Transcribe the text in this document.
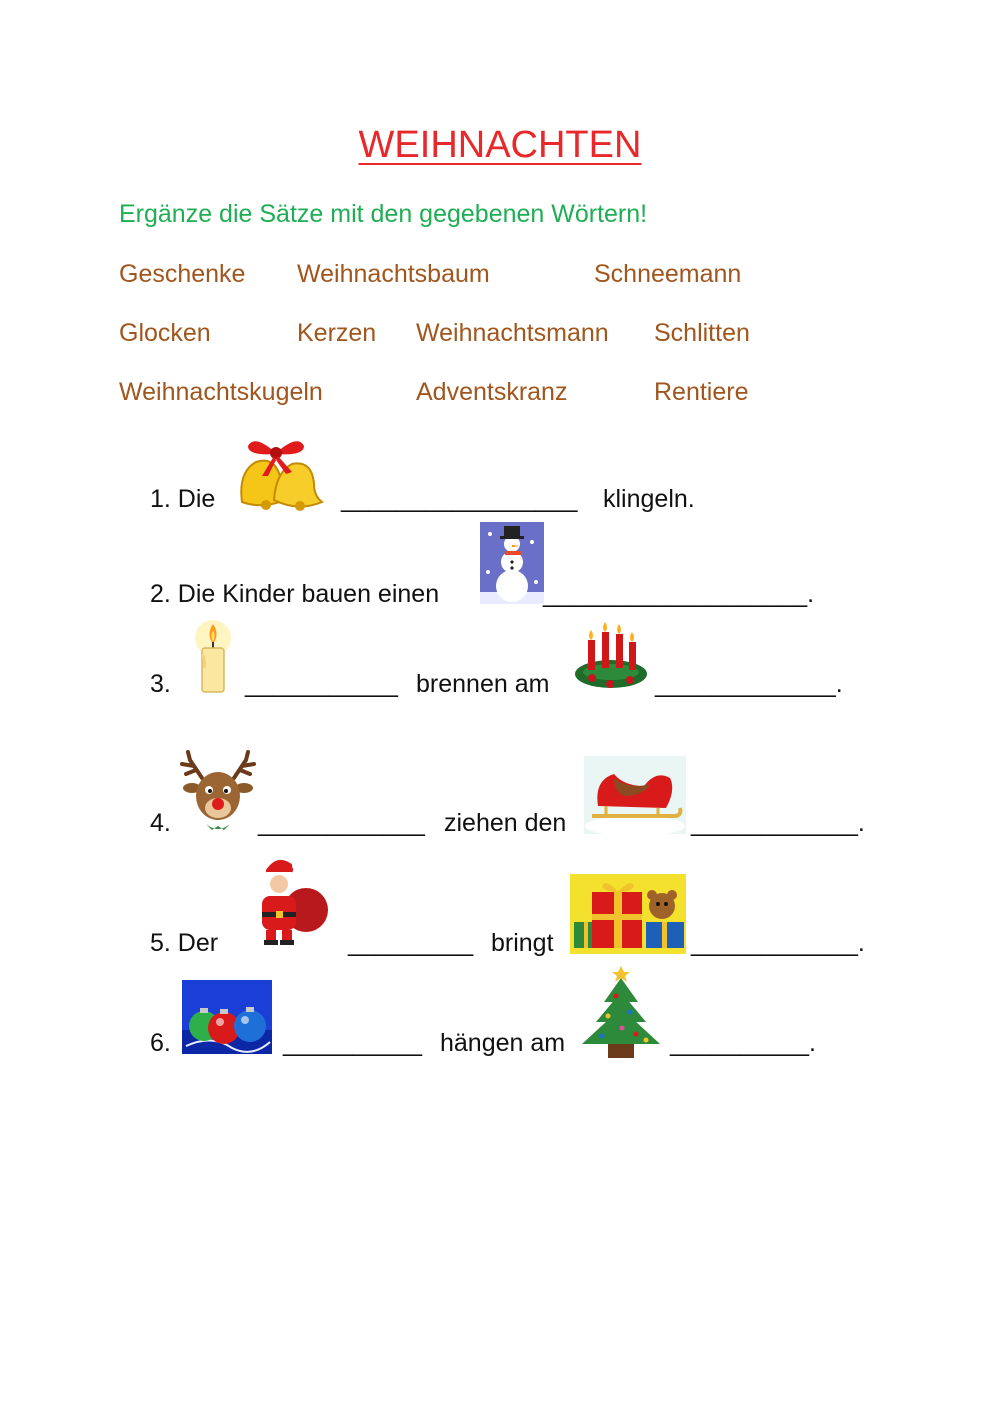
WEIHNACHTEN
Ergänze die Sätze mit den gegebenen Wörtern!
Geschenke Weihnachtsbaum	Schneemann
Glocken	Kerzen Weihnachtsmann Schlitten
Weihnachtskugeln	Adventskranz	Rentiere
1. Die	_________________ klingeln.
2. Die Kinder bauen einen	___________________.
3.	___________ brennen am	_____________.
4.	____________ ziehen den	____________.
5. Der	_________ bringt	____________.
6.	__________ hängen am	__________.
